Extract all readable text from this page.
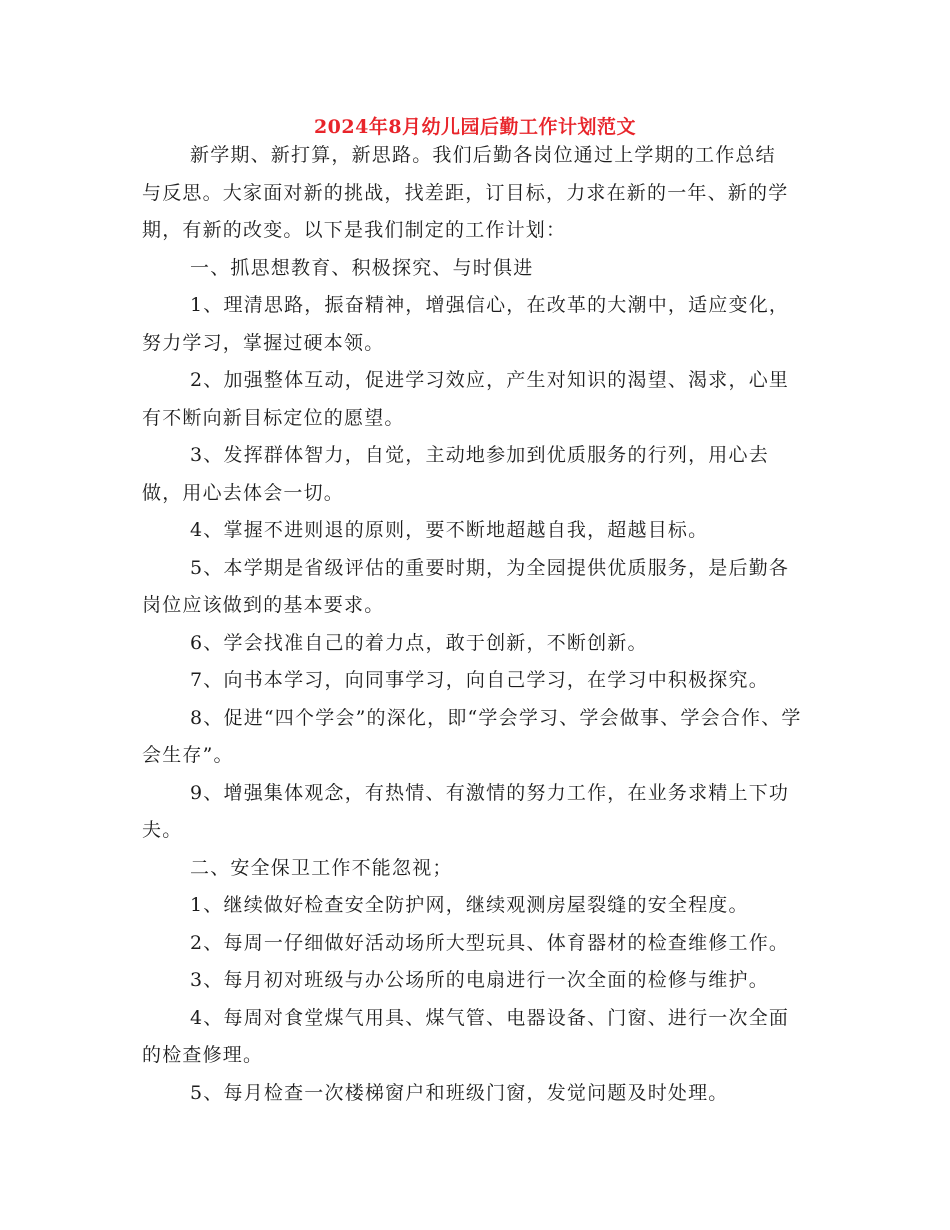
2024年8月幼儿园后勤工作计划范文

新学期、新打算，新思路。我们后勤各岗位通过上学期的工作总结与反思。大家面对新的挑战，找差距，订目标，力求在新的一年、新的学期，有新的改变。以下是我们制定的工作计划：

一、抓思想教育、积极探究、与时俱进

1、理清思路，振奋精神，增强信心，在改革的大潮中，适应变化，努力学习，掌握过硬本领。

2、加强整体互动，促进学习效应，产生对知识的渴望、渴求，心里有不断向新目标定位的愿望。

3、发挥群体智力，自觉，主动地参加到优质服务的行列，用心去做，用心去体会一切。

4、掌握不进则退的原则，要不断地超越自我，超越目标。

5、本学期是省级评估的重要时期，为全园提供优质服务，是后勤各岗位应该做到的基本要求。

6、学会找准自己的着力点，敢于创新，不断创新。

7、向书本学习，向同事学习，向自己学习，在学习中积极探究。

8、促进“四个学会”的深化，即“学会学习、学会做事、学会合作、学会生存”。

9、增强集体观念，有热情、有激情的努力工作，在业务求精上下功夫。

二、安全保卫工作不能忽视；

1、继续做好检查安全防护网，继续观测房屋裂缝的安全程度。

2、每周一仔细做好活动场所大型玩具、体育器材的检查维修工作。

3、每月初对班级与办公场所的电扇进行一次全面的检修与维护。

4、每周对食堂煤气用具、煤气管、电器设备、门窗、进行一次全面的检查修理。

5、每月检查一次楼梯窗户和班级门窗，发觉问题及时处理。
